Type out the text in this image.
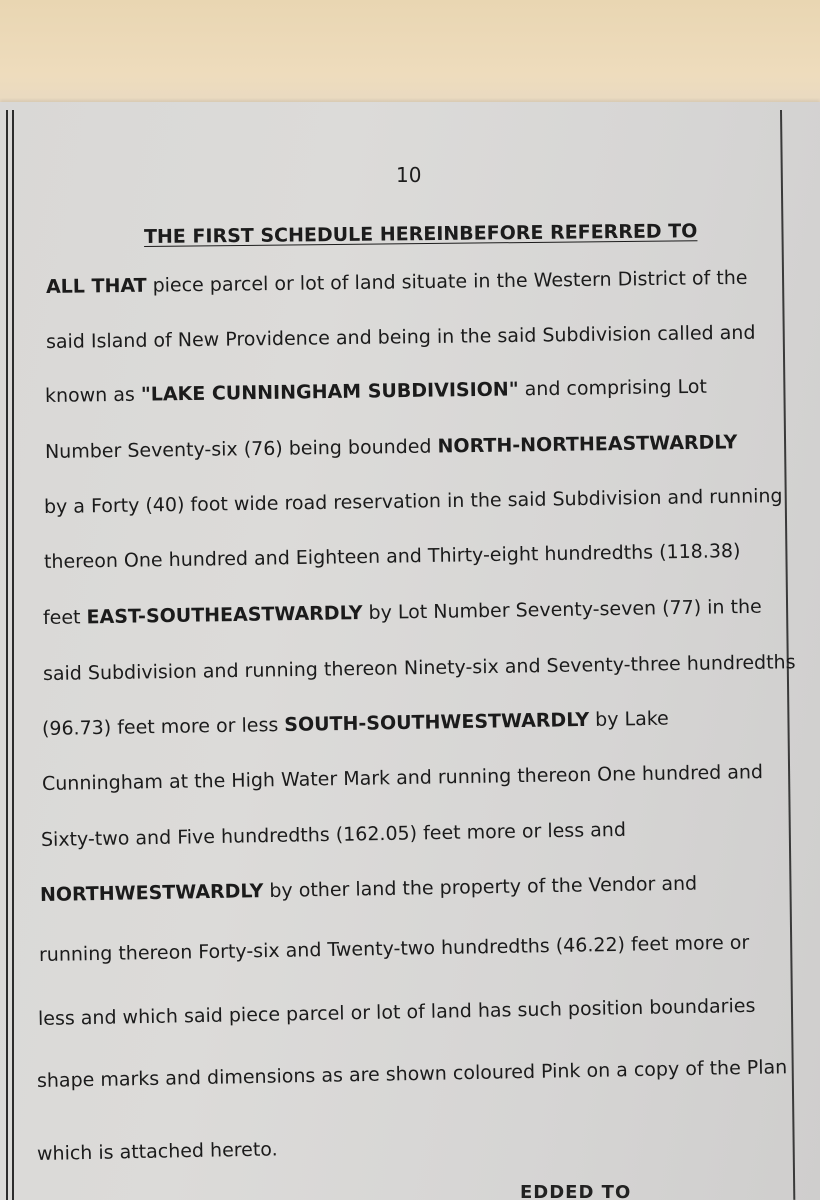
10
THE FIRST SCHEDULE HEREINBEFORE REFERRED TO
ALL THAT piece parcel or lot of land situate in the Western District of the
said Island of New Providence and being in the said Subdivision called and
known as "LAKE CUNNINGHAM SUBDIVISION" and comprising Lot
Number Seventy-six (76) being bounded NORTH-NORTHEASTWARDLY
by a Forty (40) foot wide road reservation in the said Subdivision and running
thereon One hundred and Eighteen and Thirty-eight hundredths (118.38)
feet EAST-SOUTHEASTWARDLY by Lot Number Seventy-seven (77) in the
said Subdivision and running thereon Ninety-six and Seventy-three hundredths
(96.73) feet more or less SOUTH-SOUTHWESTWARDLY by Lake
Cunningham at the High Water Mark and running thereon One hundred and
Sixty-two and Five hundredths (162.05) feet more or less and
NORTHWESTWARDLY by other land the property of the Vendor and
running thereon Forty-six and Twenty-two hundredths (46.22) feet more or
less and which said piece parcel or lot of land has such position boundaries
shape marks and dimensions as are shown coloured Pink on a copy of the Plan
which is attached hereto.
EDDED TO
